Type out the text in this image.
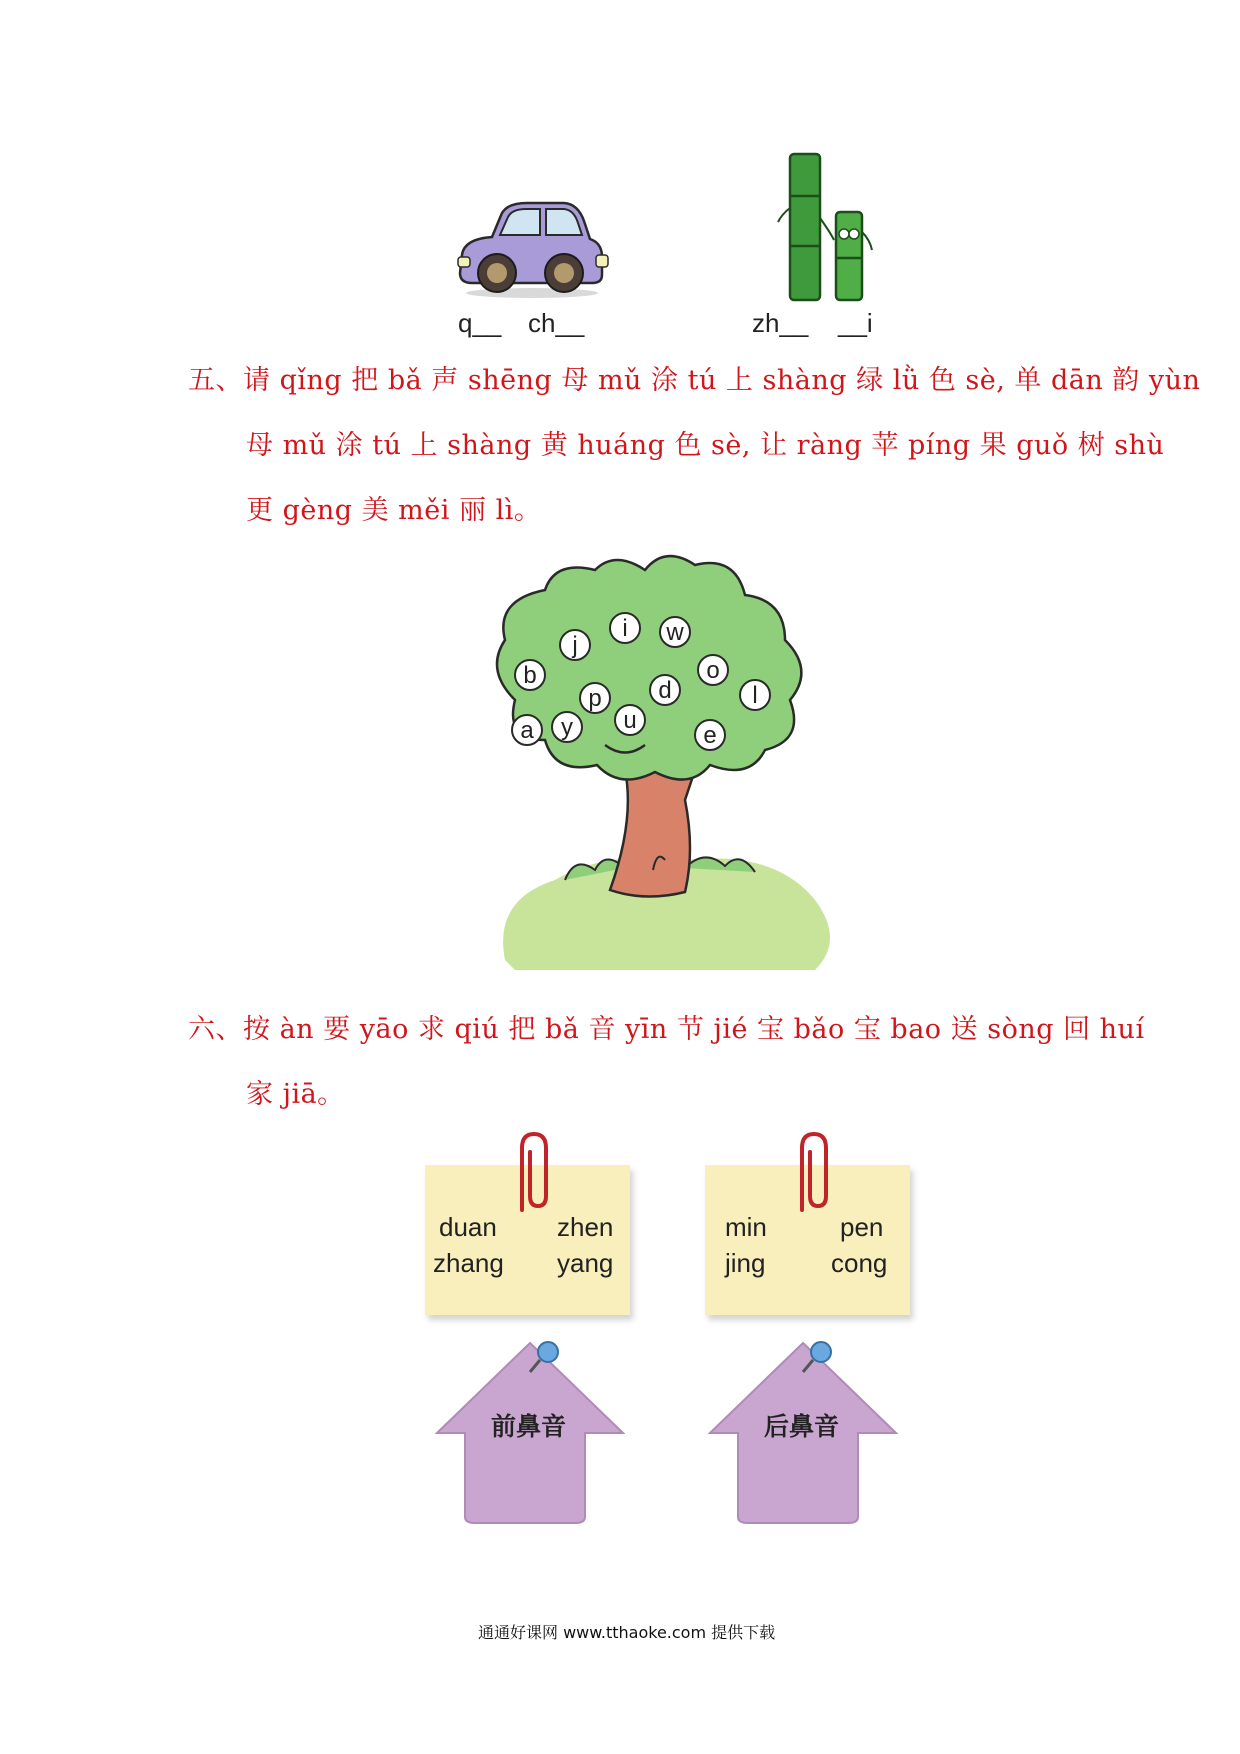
q__ ch__	zh__ __i
五、请 qǐng 把 bǎ 声 shēng 母 mǔ 涂 tú 上 shàng 绿 lǜ 色 sè, 单 dān 韵 yùn
母 mǔ 涂 tú 上 shàng 黄 huáng 色 sè, 让 ràng 苹 píng 果 guǒ 树 shù
更 gèng 美 měi 丽 lì。
j
i w
b
p d
o
l
a y u
e
六、按 àn 要 yāo 求 qiú 把 bǎ 音 yīn 节 jié 宝 bǎo 宝 bao 送 sòng 回 huí
家 jiā。
duan zhen
zhang yang
min	pen
jing	cong
前鼻音	后鼻音
通通好课网 www.tthaoke.com 提供下载
